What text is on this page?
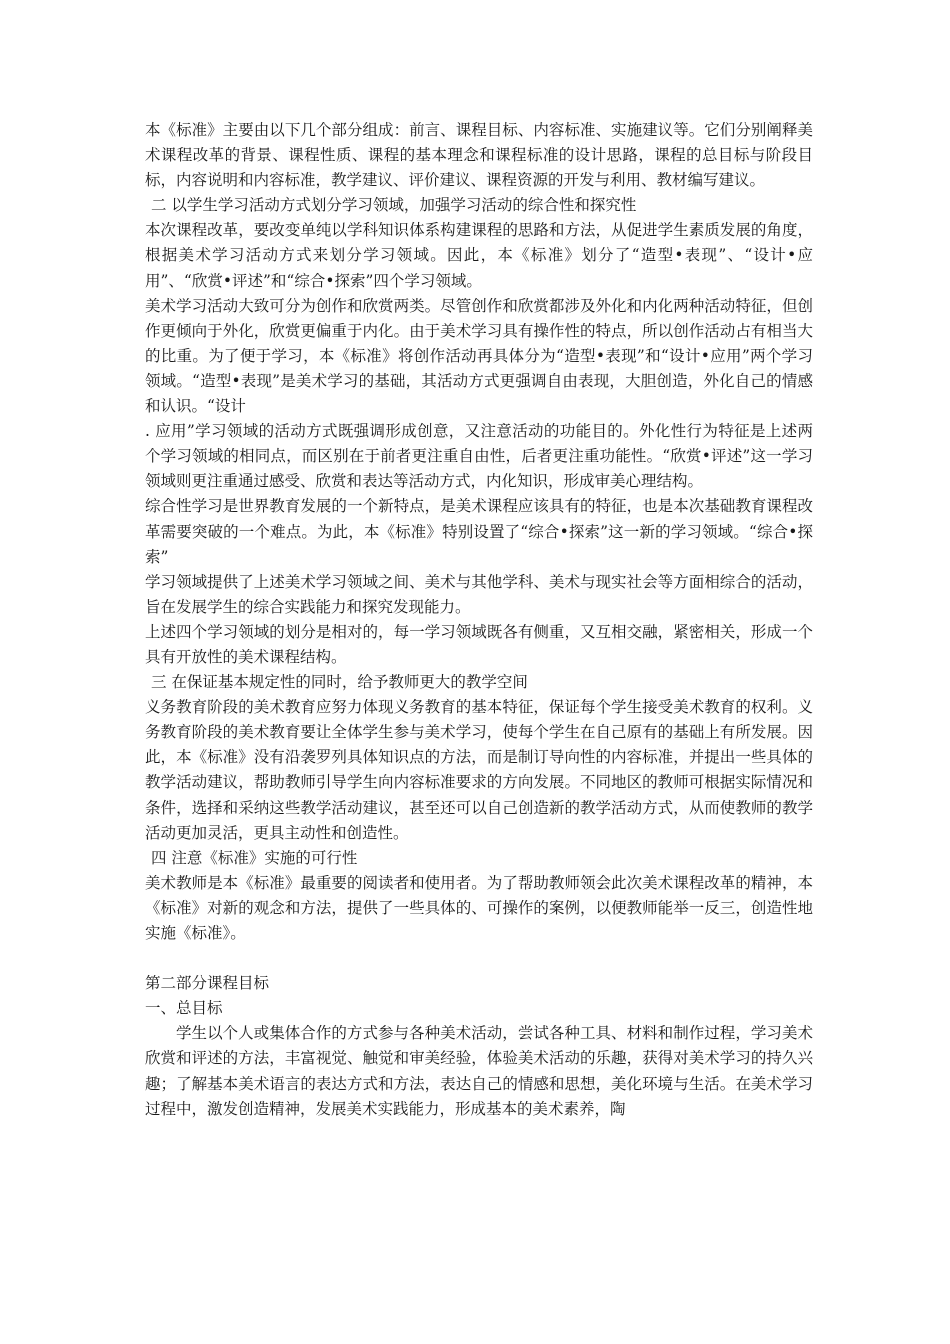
本《标准》主要由以下几个部分组成：前言、课程目标、内容标准、实施建议等。它们分别阐释美术课程改革的背景、课程性质、课程的基本理念和课程标准的设计思路，课程的总目标与阶段目标，内容说明和内容标准，教学建议、评价建议、课程资源的开发与利用、教材编写建议。

二 以学生学习活动方式划分学习领域，加强学习活动的综合性和探究性

本次课程改革，要改变单纯以学科知识体系构建课程的思路和方法，从促进学生素质发展的角度，根据美术学习活动方式来划分学习领域。因此，本《标准》划分了“造型•表现”、“设计•应用”、“欣赏•评述”和“综合•探索”四个学习领域。

美术学习活动大致可分为创作和欣赏两类。尽管创作和欣赏都涉及外化和内化两种活动特征，但创作更倾向于外化，欣赏更偏重于内化。由于美术学习具有操作性的特点，所以创作活动占有相当大的比重。为了便于学习，本《标准》将创作活动再具体分为“造型•表现”和“设计•应用”两个学习领域。“造型•表现”是美术学习的基础，其活动方式更强调自由表现，大胆创造，外化自己的情感和认识。“设计

. 应用”学习领域的活动方式既强调形成创意，又注意活动的功能目的。外化性行为特征是上述两个学习领域的相同点，而区别在于前者更注重自由性，后者更注重功能性。“欣赏•评述”这一学习领域则更注重通过感受、欣赏和表达等活动方式，内化知识，形成审美心理结构。

综合性学习是世界教育发展的一个新特点，是美术课程应该具有的特征，也是本次基础教育课程改革需要突破的一个难点。为此，本《标准》特别设置了“综合•探索”这一新的学习领域。“综合•探索”

学习领域提供了上述美术学习领域之间、美术与其他学科、美术与现实社会等方面相综合的活动，旨在发展学生的综合实践能力和探究发现能力。

上述四个学习领域的划分是相对的，每一学习领域既各有侧重，又互相交融，紧密相关，形成一个具有开放性的美术课程结构。

三 在保证基本规定性的同时，给予教师更大的教学空间

义务教育阶段的美术教育应努力体现义务教育的基本特征，保证每个学生接受美术教育的权利。义务教育阶段的美术教育要让全体学生参与美术学习，使每个学生在自己原有的基础上有所发展。因此，本《标准》没有沿袭罗列具体知识点的方法，而是制订导向性的内容标准，并提出一些具体的教学活动建议，帮助教师引导学生向内容标准要求的方向发展。不同地区的教师可根据实际情况和条件，选择和采纳这些教学活动建议，甚至还可以自己创造新的教学活动方式，从而使教师的教学活动更加灵活，更具主动性和创造性。

四 注意《标准》实施的可行性

美术教师是本《标准》最重要的阅读者和使用者。为了帮助教师领会此次美术课程改革的精神，本《标准》对新的观念和方法，提供了一些具体的、可操作的案例，以便教师能举一反三，创造性地实施《标准》。

第二部分课程目标

一、总目标

学生以个人或集体合作的方式参与各种美术活动，尝试各种工具、材料和制作过程，学习美术欣赏和评述的方法，丰富视觉、触觉和审美经验，体验美术活动的乐趣，获得对美术学习的持久兴趣；了解基本美术语言的表达方式和方法，表达自己的情感和思想，美化环境与生活。在美术学习过程中，激发创造精神，发展美术实践能力，形成基本的美术素养，陶
